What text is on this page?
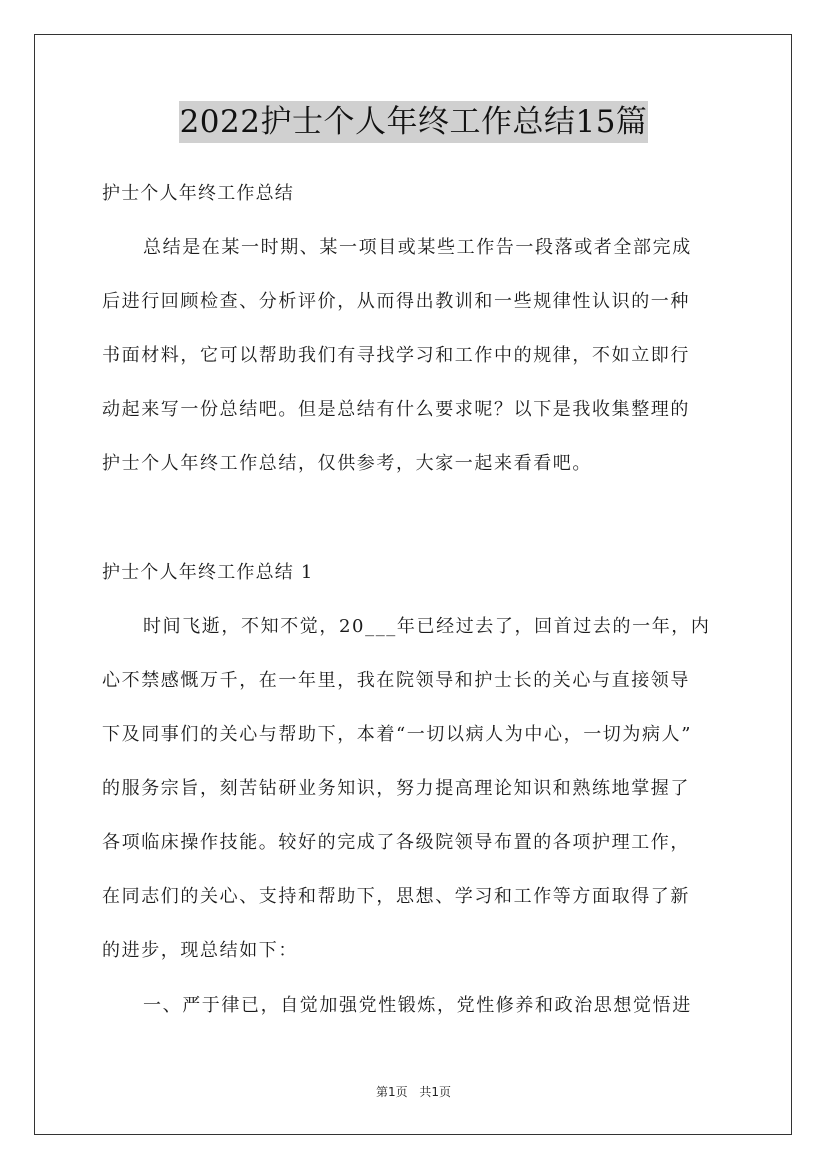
2022护士个人年终工作总结15篇
护士个人年终工作总结
总结是在某一时期、某一项目或某些工作告一段落或者全部完成
后进行回顾检查、分析评价，从而得出教训和一些规律性认识的一种
书面材料，它可以帮助我们有寻找学习和工作中的规律，不如立即行
动起来写一份总结吧。但是总结有什么要求呢？以下是我收集整理的
护士个人年终工作总结，仅供参考，大家一起来看看吧。
护士个人年终工作总结 1
时间飞逝，不知不觉，20___年已经过去了，回首过去的一年，内
心不禁感慨万千，在一年里，我在院领导和护士长的关心与直接领导
下及同事们的关心与帮助下，本着“一切以病人为中心，一切为病人”
的服务宗旨，刻苦钻研业务知识，努力提高理论知识和熟练地掌握了
各项临床操作技能。较好的完成了各级院领导布置的各项护理工作，
在同志们的关心、支持和帮助下，思想、学习和工作等方面取得了新
的进步，现总结如下：
一、严于律已，自觉加强党性锻炼，党性修养和政治思想觉悟进
第1页 共1页
